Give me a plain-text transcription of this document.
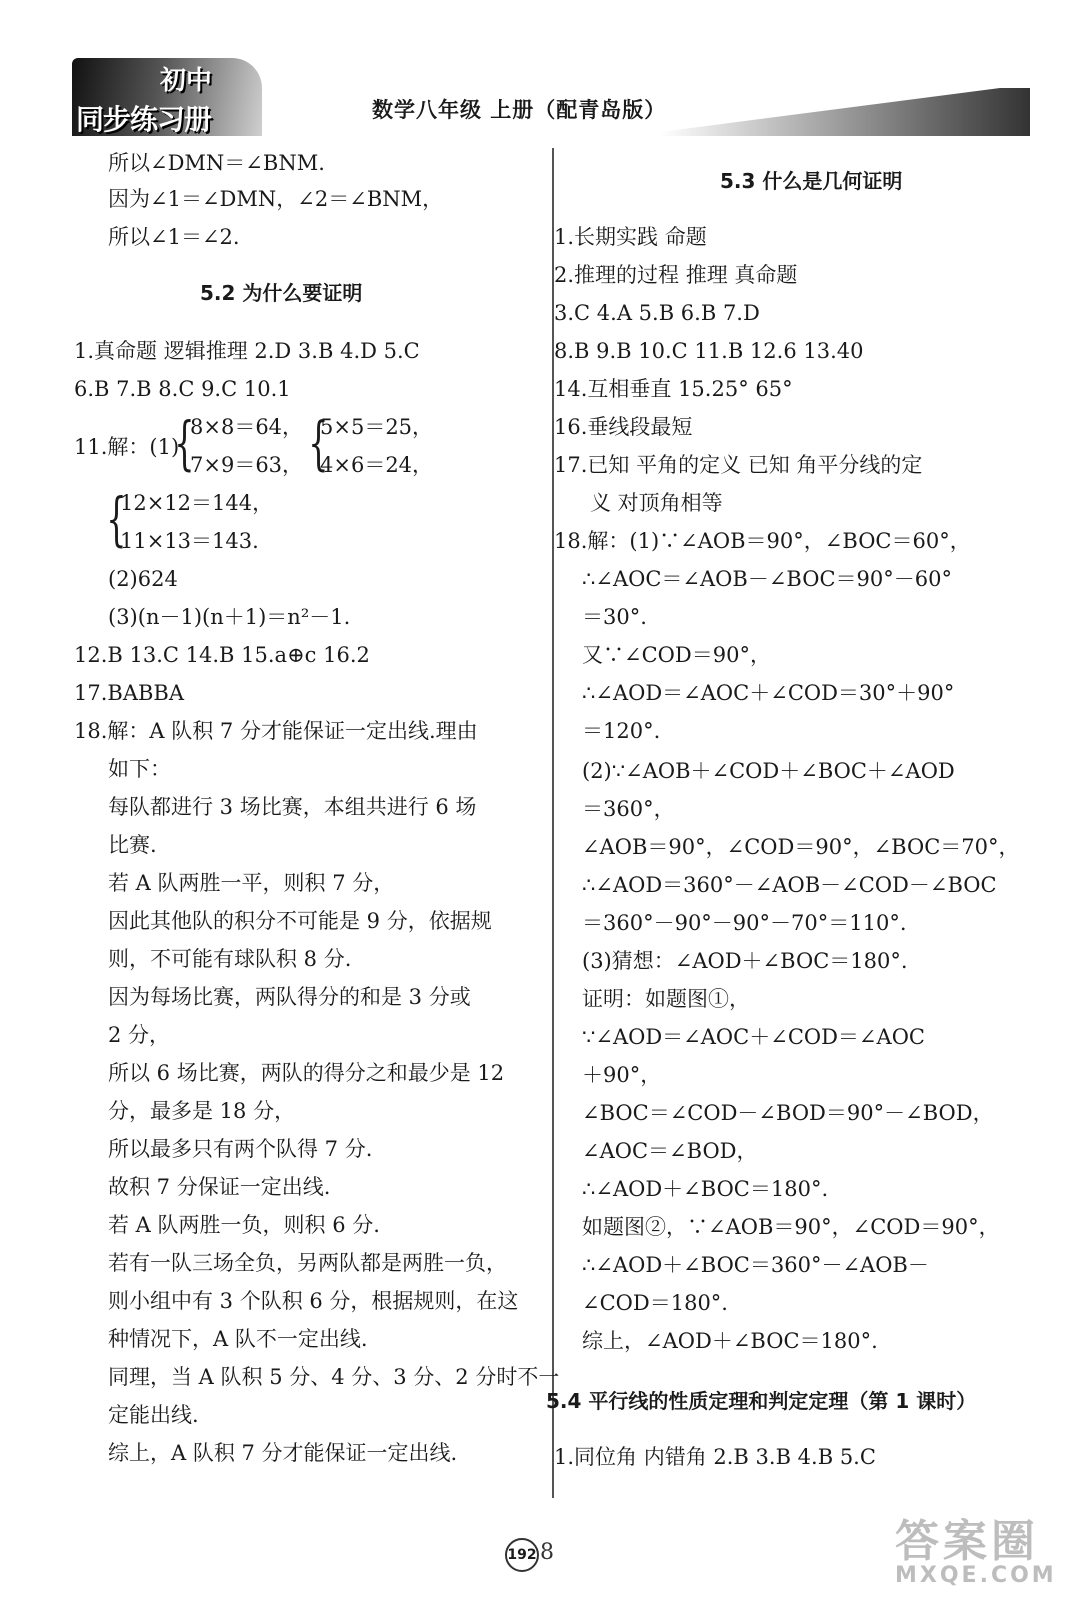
初中
同步练习册	数学八年级 上册（配青岛版）
所以∠DMN＝∠BNM.
因为∠1＝∠DMN，∠2＝∠BNM，
所以∠1＝∠2.
5.2 为什么要证明
1.真命题 逻辑推理 2.D 3.B 4.D 5.C
6.B 7.B 8.C 9.C 10.1
11.解：(1)
{
8×8＝64，
7×9＝63， {
5×5＝25，
4×6＝24，
{
12×12＝144，
11×13＝143.
(2)624
(3)(n－1)(n＋1)＝n²－1.
12.B 13.C 14.B 15.a⊕c 16.2
17.BABBA
18.解：A 队积 7 分才能保证一定出线.理由
如下：
每队都进行 3 场比赛，本组共进行 6 场
比赛.
若 A 队两胜一平，则积 7 分，
因此其他队的积分不可能是 9 分，依据规
则，不可能有球队积 8 分.
因为每场比赛，两队得分的和是 3 分或
2 分，
所以 6 场比赛，两队的得分之和最少是 12
分，最多是 18 分，
所以最多只有两个队得 7 分.
故积 7 分保证一定出线.
若 A 队两胜一负，则积 6 分.
若有一队三场全负，另两队都是两胜一负，
则小组中有 3 个队积 6 分，根据规则，在这
种情况下，A 队不一定出线.
同理，当 A 队积 5 分、4 分、3 分、2 分时不一
定能出线.
综上，A 队积 7 分才能保证一定出线.
5.3 什么是几何证明
1.长期实践 命题
2.推理的过程 推理 真命题
3.C 4.A 5.B 6.B 7.D
8.B 9.B 10.C 11.B 12.6 13.40
14.互相垂直 15.25° 65°
16.垂线段最短
17.已知 平角的定义 已知 角平分线的定
义 对顶角相等
18.解：(1)∵∠AOB＝90°，∠BOC＝60°，
∴∠AOC＝∠AOB－∠BOC＝90°－60°
＝30°.
又∵∠COD＝90°，
∴∠AOD＝∠AOC＋∠COD＝30°＋90°
＝120°.
(2)∵∠AOB＋∠COD＋∠BOC＋∠AOD
＝360°，
∠AOB＝90°，∠COD＝90°，∠BOC＝70°，
∴∠AOD＝360°－∠AOB－∠COD－∠BOC
＝360°－90°－90°－70°＝110°.
(3)猜想：∠AOD＋∠BOC＝180°.
证明：如题图①，
∵∠AOD＝∠AOC＋∠COD＝∠AOC
＋90°，
∠BOC＝∠COD－∠BOD＝90°－∠BOD，
∠AOC＝∠BOD，
∴∠AOD＋∠BOC＝180°.
如题图②，∵∠AOB＝90°，∠COD＝90°，
∴∠AOD＋∠BOC＝360°－∠AOB－
∠COD＝180°.
综上，∠AOD＋∠BOC＝180°.
5.4 平行线的性质定理和判定定理（第 1 课时）
1.同位角 内错角 2.B 3.B 4.B 5.C
192 8	答案圈
MXQE.COM
